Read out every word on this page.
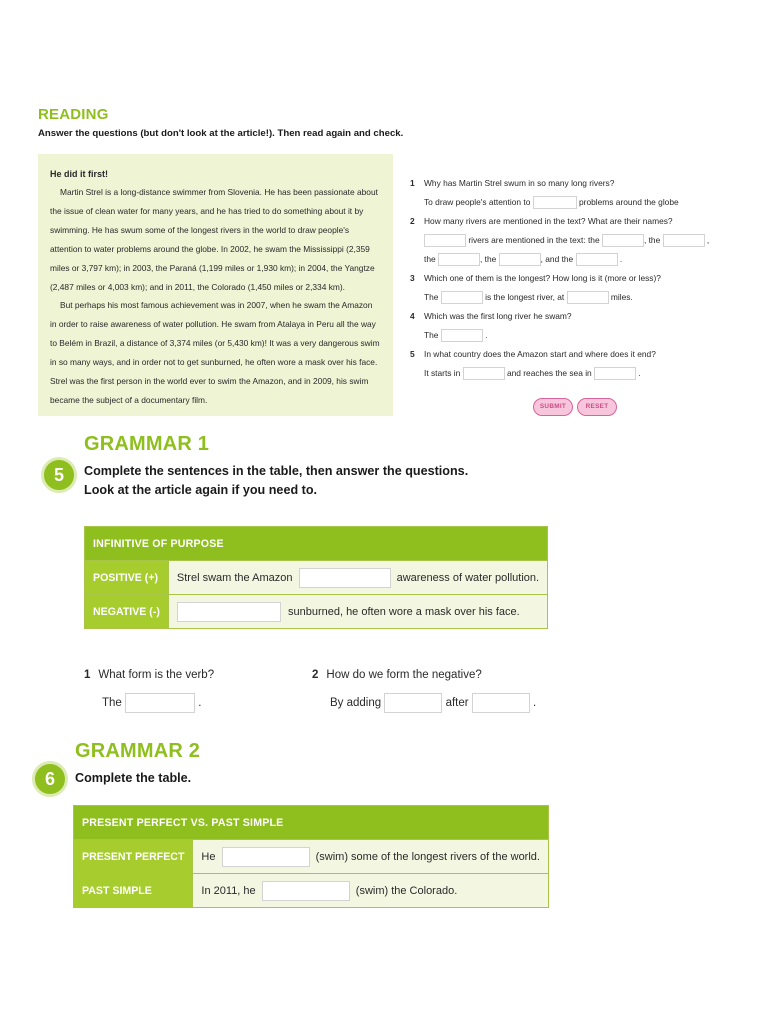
READING
Answer the questions (but don't look at the article!). Then read again and check.
He did it first!

Martin Strel is a long-distance swimmer from Slovenia. He has been passionate about the issue of clean water for many years, and he has tried to do something about it by swimming. He has swum some of the longest rivers in the world to draw people's attention to water problems around the globe. In 2002, he swam the Mississippi (2,359 miles or 3,797 km); in 2003, the Paraná (1,199 miles or 1,930 km); in 2004, the Yangtze (2,487 miles or 4,003 km); and in 2011, the Colorado (1,450 miles or 2,334 km).

But perhaps his most famous achievement was in 2007, when he swam the Amazon in order to raise awareness of water pollution. He swam from Atalaya in Peru all the way to Belém in Brazil, a distance of 3,374 miles (or 5,430 km)! It was a very dangerous swim in so many ways, and in order not to get sunburned, he often wore a mask over his face. Strel was the first person in the world ever to swim the Amazon, and in 2009, his swim became the subject of a documentary film.

1 Why has Martin Strel swum in so many long rivers?
To draw people's attention to	problems around the globe
2 How many rivers are mentioned in the text? What are their names?
rivers are mentioned in the text: the	, the	,
the	, the	, and the	.
3 Which one of them is the longest? How long is it (more or less)?
The	is the longest river, at	miles.
4 Which was the first long river he swam?
The	.
5 In what country does the Amazon start and where does it end?
It starts in	and reaches the sea in	.
SUBMIT	RESET
GRAMMAR 1
5	Complete the sentences in the table, then answer the questions.
Look at the article again if you need to.
INFINITIVE OF PURPOSE	
POSITIVE (+)	Strel swam the Amazon awareness of water pollution.
NEGATIVE (-)	sunburned, he often wore a mask over his face.
1 What form is the verb?
The	.
2 How do we form the negative?
By adding	after	.
GRAMMAR 2
6	Complete the table.
PRESENT PERFECT VS. PAST SIMPLE	
PRESENT PERFECT	He (swim) some of the longest rivers of the world.
PAST SIMPLE	In 2011, he (swim) the Colorado.
